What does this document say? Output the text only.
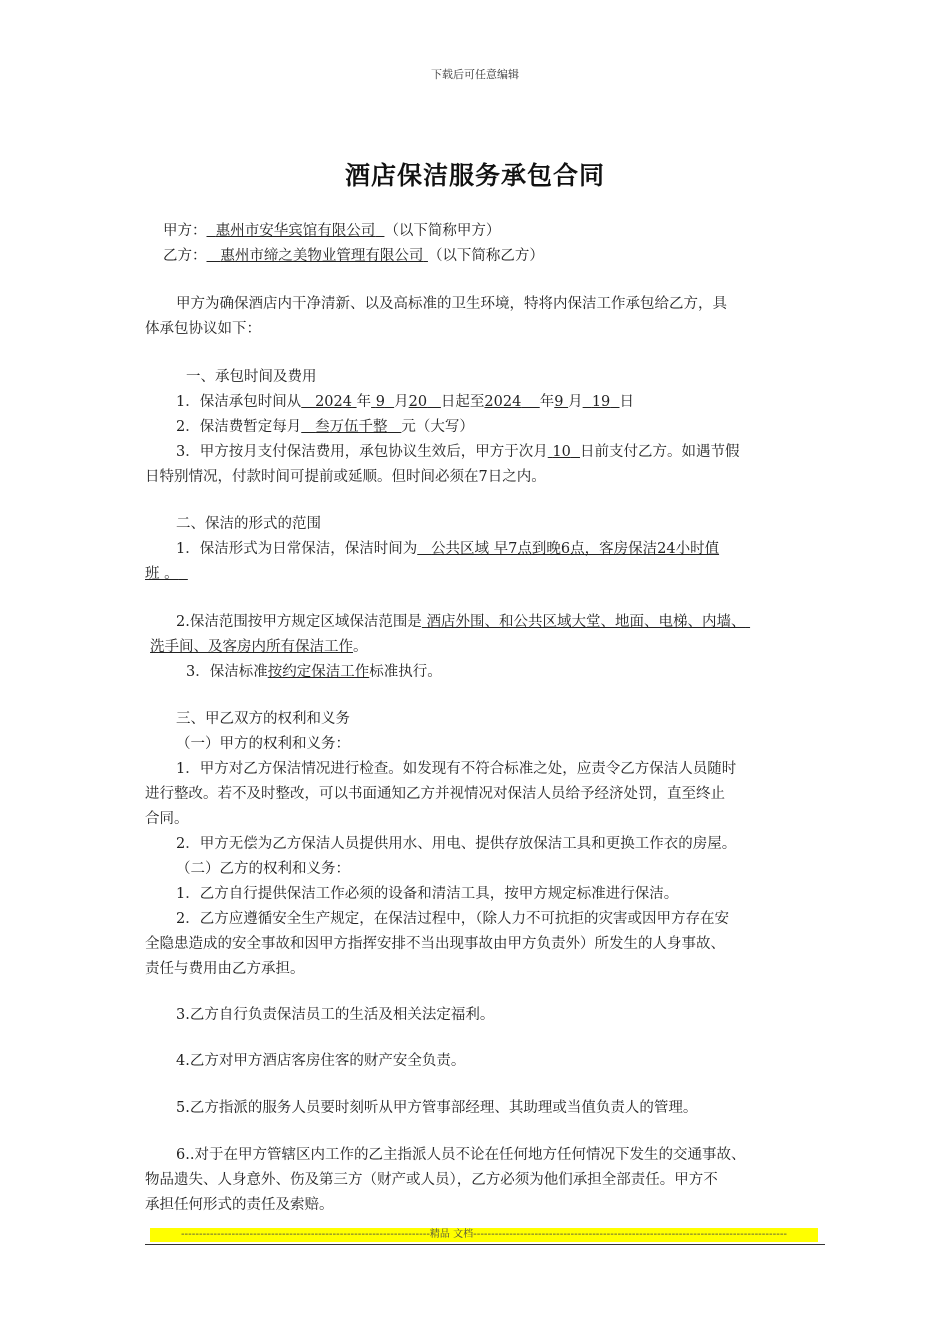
下载后可任意编辑
酒店保洁服务承包合同
甲方： 惠州市安华宾馆有限公司 （以下简称甲方）
乙方： 惠州市缔之美物业管理有限公司 （以下简称乙方）
甲方为确保酒店内干净清新、以及高标准的卫生环境，特将内保洁工作承包给乙方，具
体承包协议如下：
一、承包时间及费用
1．保洁承包时间从 2024 年 9 月20 日起至2024 年9 月 19 日
2．保洁费暂定每月 叁万伍千整 元（大写）
3．甲方按月支付保洁费用，承包协议生效后，甲方于次月 10 日前支付乙方。如遇节假
日特别情况，付款时间可提前或延顺。但时间必须在7日之内。
二、保洁的形式的范围
1．保洁形式为日常保洁，保洁时间为 公共区域 早7点到晚6点，客房保洁24小时值
班 。
2.保洁范围按甲方规定区域保洁范围是 酒店外围、和公共区域大堂、地面、电梯、内墙、
洗手间、及客房内所有保洁工作。
3．保洁标准按约定保洁工作标准执行。
三、甲乙双方的权利和义务
（一）甲方的权利和义务：
1．甲方对乙方保洁情况进行检查。如发现有不符合标准之处，应责令乙方保洁人员随时
进行整改。若不及时整改，可以书面通知乙方并视情况对保洁人员给予经济处罚，直至终止
合同。
2．甲方无偿为乙方保洁人员提供用水、用电、提供存放保洁工具和更换工作衣的房屋。
（二）乙方的权利和义务：
1．乙方自行提供保洁工作必须的设备和清洁工具，按甲方规定标准进行保洁。
2．乙方应遵循安全生产规定，在保洁过程中，（除人力不可抗拒的灾害或因甲方存在安
全隐患造成的安全事故和因甲方指挥安排不当出现事故由甲方负责外）所发生的人身事故、
责任与费用由乙方承担。
3.乙方自行负责保洁员工的生活及相关法定福利。
4.乙方对甲方酒店客房住客的财产安全负责。
5.乙方指派的服务人员要时刻听从甲方管事部经理、其助理或当值负责人的管理。
6..对于在甲方管辖区内工作的乙主指派人员不论在任何地方任何情况下发生的交通事故、
物品遗失、人身意外、伤及第三方（财产或人员），乙方必须为他们承担全部责任。甲方不
承担任何形式的责任及索赔。
---------------------------------------------------------------------精品 文档---------------------------------------------------------------------------------------
